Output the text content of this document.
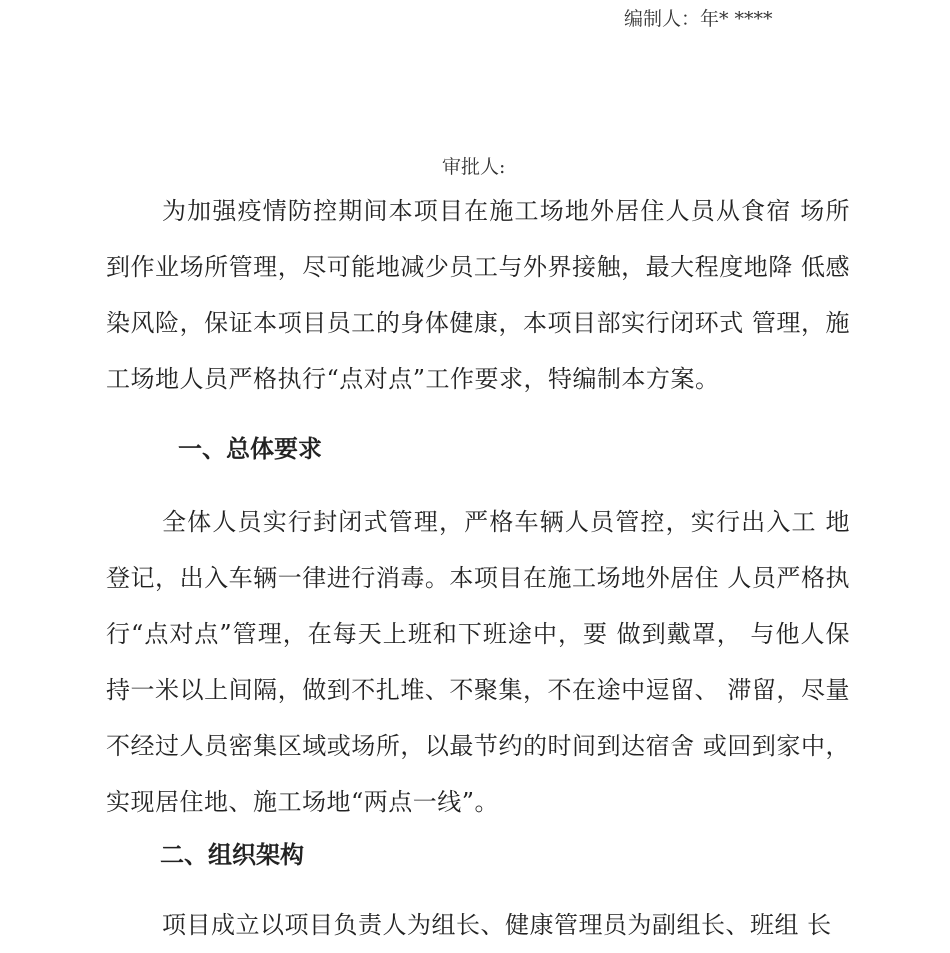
编制人：年* ****
审批人:

为加强疫情防控期间本项目在施工场地外居住人员从食宿 场所到作业场所管理，尽可能地减少员工与外界接触，最大程度地降 低感染风险，保证本项目员工的身体健康，本项目部实行闭环式 管理，施工场地人员严格执行“点对点”工作要求，特编制本方案。

一、总体要求

全体人员实行封闭式管理，严格车辆人员管控，实行出入工 地登记，出入车辆一律进行消毒。本项目在施工场地外居住 人员严格执行“点对点”管理，在每天上班和下班途中，要 做到戴罩， 与他人保持一米以上间隔，做到不扎堆、不聚集，不在途中逗留、 滞留，尽量不经过人员密集区域或场所，以最节约的时间到达宿舍 或回到家中，实现居住地、施工场地“两点一线”。

二、组织架构

项目成立以项目负责人为组长、健康管理员为副组长、班组 长
